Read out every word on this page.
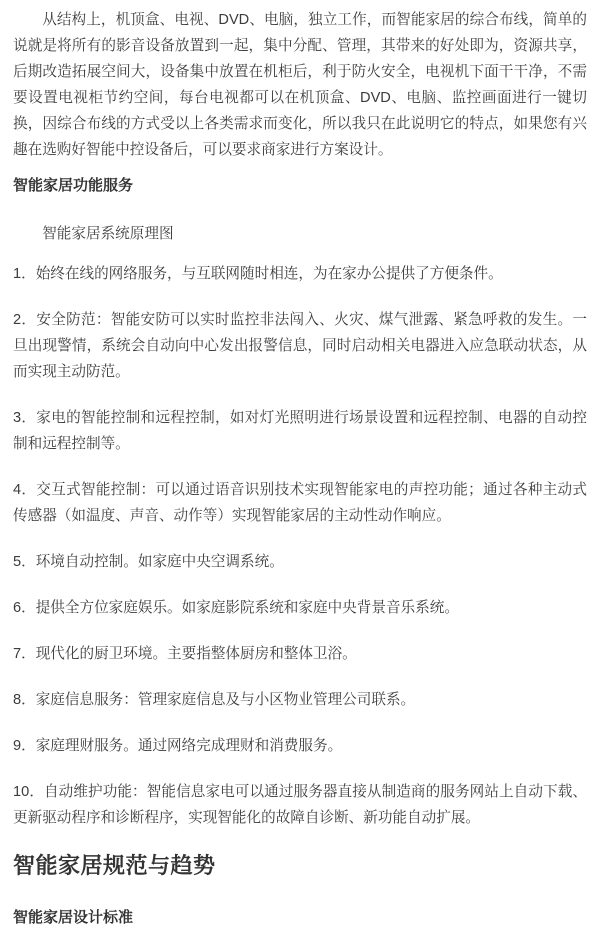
从结构上，机顶盒、电视、DVD、电脑，独立工作，而智能家居的综合布线，简单的说就是将所有的影音设备放置到一起，集中分配、管理，其带来的好处即为，资源共享，后期改造拓展空间大，设备集中放置在机柜后，利于防火安全，电视机下面干干净，不需要设置电视柜节约空间，每台电视都可以在机顶盒、DVD、电脑、监控画面进行一键切换，因综合布线的方式受以上各类需求而变化，所以我只在此说明它的特点，如果您有兴趣在选购好智能中控设备后，可以要求商家进行方案设计。

智能家居功能服务

智能家居系统原理图

1．始终在线的网络服务，与互联网随时相连，为在家办公提供了方便条件。

2．安全防范：智能安防可以实时监控非法闯入、火灾、煤气泄露、紧急呼救的发生。一旦出现警情，系统会自动向中心发出报警信息，同时启动相关电器进入应急联动状态，从而实现主动防范。

3．家电的智能控制和远程控制，如对灯光照明进行场景设置和远程控制、电器的自动控制和远程控制等。

4．交互式智能控制：可以通过语音识别技术实现智能家电的声控功能；通过各种主动式传感器（如温度、声音、动作等）实现智能家居的主动性动作响应。

5．环境自动控制。如家庭中央空调系统。

6．提供全方位家庭娱乐。如家庭影院系统和家庭中央背景音乐系统。

7．现代化的厨卫环境。主要指整体厨房和整体卫浴。

8．家庭信息服务：管理家庭信息及与小区物业管理公司联系。

9．家庭理财服务。通过网络完成理财和消费服务。

10．自动维护功能：智能信息家电可以通过服务器直接从制造商的服务网站上自动下载、更新驱动程序和诊断程序，实现智能化的故障自诊断、新功能自动扩展。

智能家居规范与趋势
智能家居设计标准
